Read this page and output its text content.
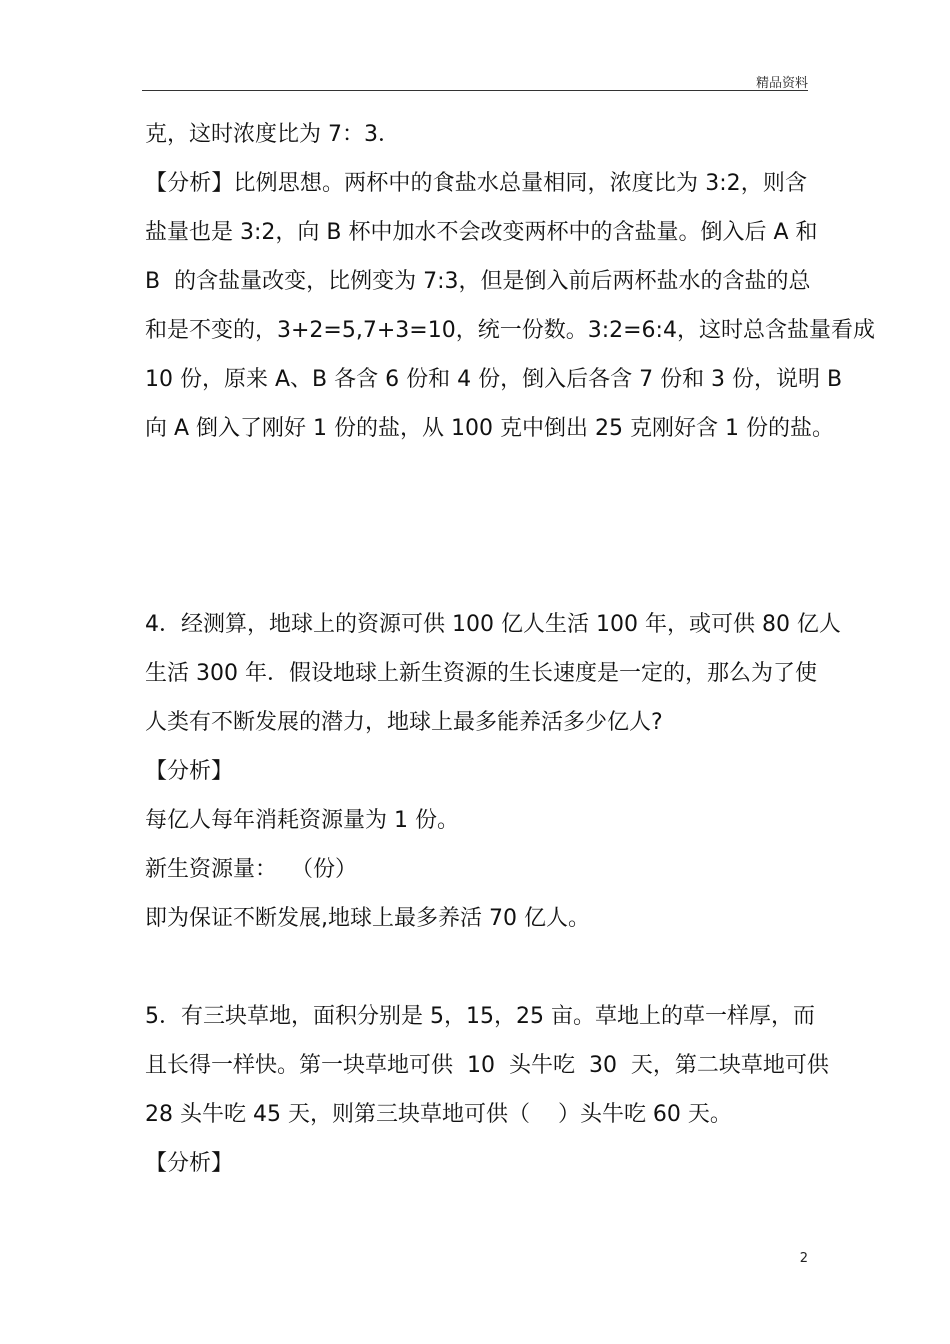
精品资料
克，这时浓度比为 7：3．
【分析】比例思想。两杯中的食盐水总量相同，浓度比为 3:2，则含
盐量也是 3:2，向 B 杯中加水不会改变两杯中的含盐量。倒入后 A 和
B  的含盐量改变，比例变为 7:3，但是倒入前后两杯盐水的含盐的总
和是不变的，3+2=5,7+3=10，统一份数。3:2=6:4，这时总含盐量看成
10 份，原来 A、B 各含 6 份和 4 份，倒入后各含 7 份和 3 份，说明 B
向 A 倒入了刚好 1 份的盐，从 100 克中倒出 25 克刚好含 1 份的盐。
4．经测算，地球上的资源可供 100 亿人生活 100 年，或可供 80 亿人
生活 300 年．假设地球上新生资源的生长速度是一定的，那么为了使
人类有不断发展的潜力，地球上最多能养活多少亿人?
【分析】
每亿人每年消耗资源量为 1 份。
新生资源量：  （份）
即为保证不断发展,地球上最多养活 70 亿人。
5．有三块草地，面积分别是 5，15，25 亩。草地上的草一样厚，而
且长得一样快。第一块草地可供  10  头牛吃  30  天，第二块草地可供
28 头牛吃 45 天，则第三块草地可供（    ）头牛吃 60 天。
【分析】
2
